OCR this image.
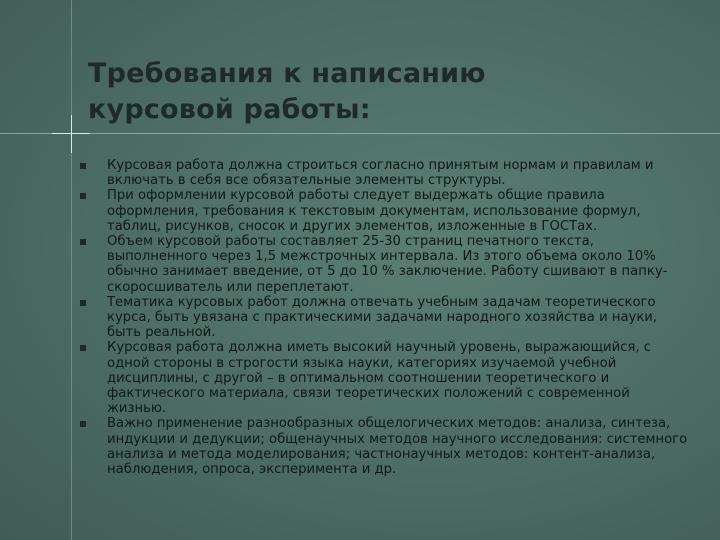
Требования к написанию
курсовой работы:
Курсовая работа должна строиться согласно принятым нормам и правилам и включать в себя все обязательные элементы структуры.
При оформлении курсовой работы следует выдержать общие правила оформления, требования к текстовым документам, использование формул, таблиц, рисунков, сносок и других элементов, изложенные в ГОСТах.
Объем курсовой работы составляет 25-30 страниц печатного текста, выполненного через 1,5 межстрочных интервала. Из этого объема около 10% обычно занимает введение, от 5 до 10 % заключение. Работу сшивают в папку-скоросшиватель или переплетают.
Тематика курсовых работ должна отвечать учебным задачам теоретического курса, быть увязана с практическими задачами народного хозяйства и науки, быть реальной.
Курсовая работа должна иметь высокий научный уровень, выражающийся, с одной стороны в строгости языка науки, категориях изучаемой учебной дисциплины, с другой – в оптимальном соотношении теоретического и фактического материала, связи теоретических положений с современной жизнью.
Важно применение разнообразных общелогических методов: анализа, синтеза, индукции и дедукции; общенаучных методов научного исследования: системного анализа и метода моделирования; частнонаучных методов: контент-анализа, наблюдения, опроса, эксперимента и др.
